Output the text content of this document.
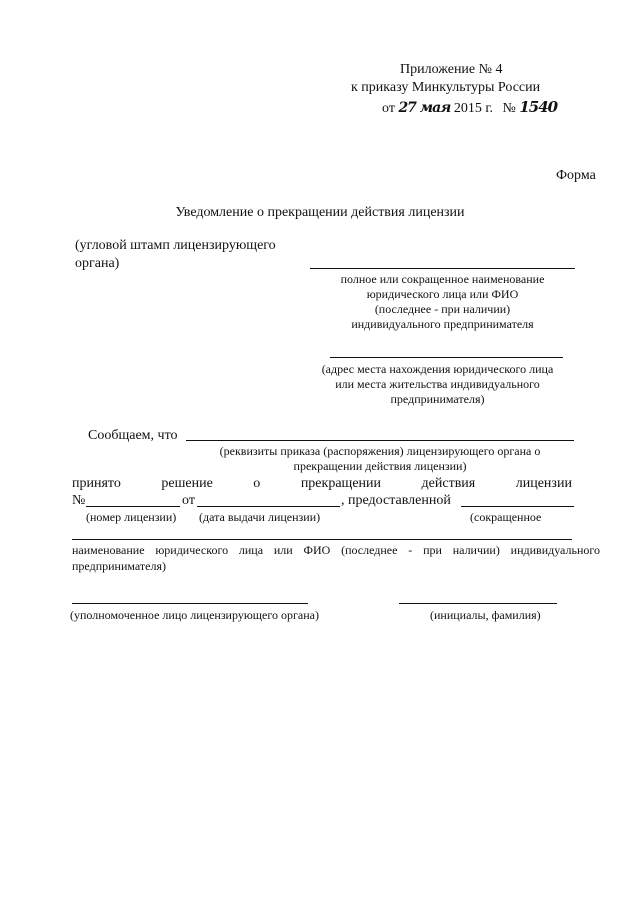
Приложение № 4
к приказу Минкультуры России
от 27 мая 2015 г. № 1540
Форма
Уведомление о прекращении действия лицензии
(угловой штамп лицензирующего
органа)
полное или сокращенное наименование
юридического лица или ФИО
(последнее - при наличии)
индивидуального предпринимателя
(адрес места нахождения юридического лица
или места жительства индивидуального
предпринимателя)
Сообщаем, что
(реквизиты приказа (распоряжения) лицензирующего органа о
прекращении действия лицензии)
принято	решение	о	прекращении	действия	лицензии
№	от	, предоставленной
(номер лицензии) (дата выдачи лицензии)	(сокращенное
наименование юридического лица или ФИО (последнее - при наличии) индивидуального
предпринимателя)
(уполномоченное лицо лицензирующего органа)	(инициалы, фамилия)
